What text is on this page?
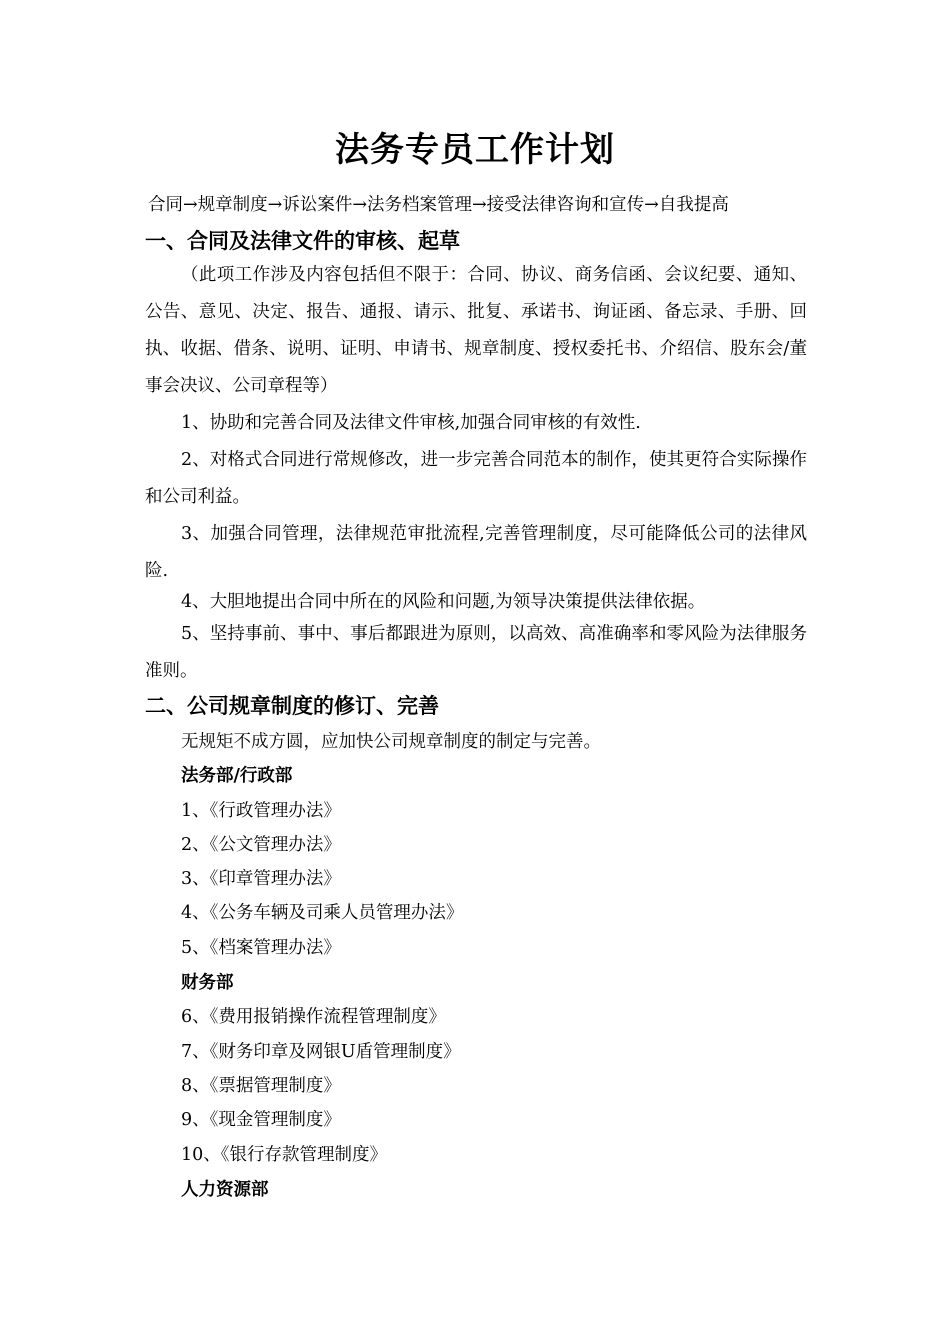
法务专员工作计划
合同→规章制度→诉讼案件→法务档案管理→接受法律咨询和宣传→自我提高
一、合同及法律文件的审核、起草
（此项工作涉及内容包括但不限于：合同、协议、商务信函、会议纪要、通知、公告、意见、决定、报告、通报、请示、批复、承诺书、询证函、备忘录、手册、回执、收据、借条、说明、证明、申请书、规章制度、授权委托书、介绍信、股东会/董事会决议、公司章程等）
1、协助和完善合同及法律文件审核,加强合同审核的有效性.
2、对格式合同进行常规修改，进一步完善合同范本的制作，使其更符合实际操作和公司利益。
3、加强合同管理，法律规范审批流程,完善管理制度，尽可能降低公司的法律风险.
4、大胆地提出合同中所在的风险和问题,为领导决策提供法律依据。
5、坚持事前、事中、事后都跟进为原则，以高效、高准确率和零风险为法律服务准则。
二、公司规章制度的修订、完善
无规矩不成方圆，应加快公司规章制度的制定与完善。
法务部/行政部
1、《行政管理办法》
2、《公文管理办法》
3、《印章管理办法》
4、《公务车辆及司乘人员管理办法》
5、《档案管理办法》
财务部
6、《费用报销操作流程管理制度》
7、《财务印章及网银U盾管理制度》
8、《票据管理制度》
9、《现金管理制度》
10、《银行存款管理制度》
人力资源部
